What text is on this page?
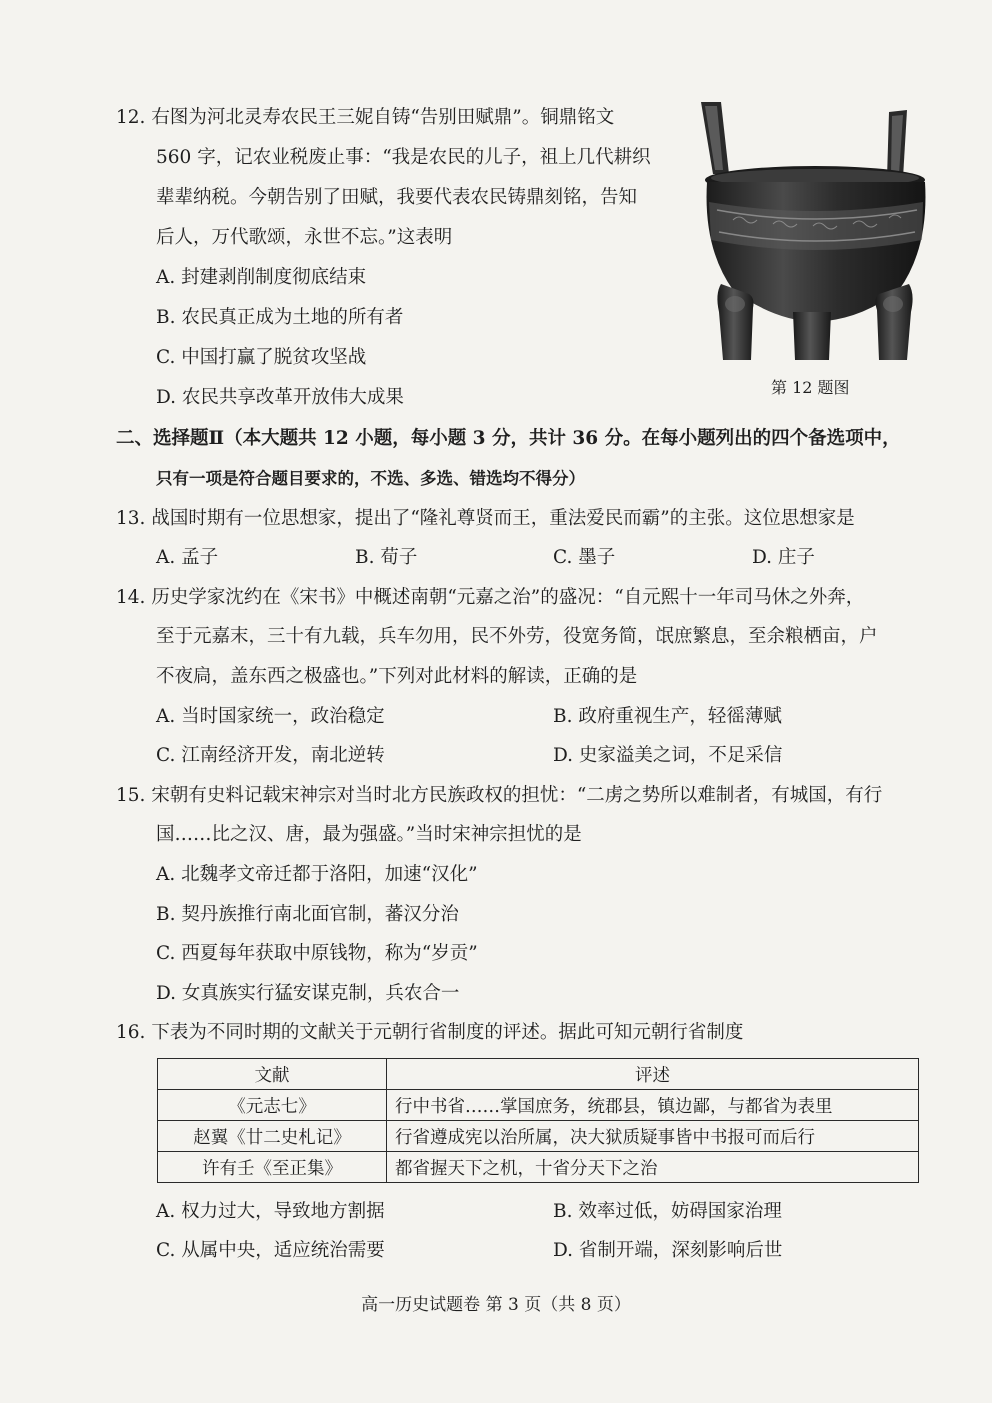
12. 右图为河北灵寿农民王三妮自铸“告别田赋鼎”。铜鼎铭文
560 字，记农业税废止事：“我是农民的儿子，祖上几代耕织
辈辈纳税。今朝告别了田赋，我要代表农民铸鼎刻铭，告知
后人，万代歌颂，永世不忘。”这表明
A. 封建剥削制度彻底结束
B. 农民真正成为土地的所有者
C. 中国打赢了脱贫攻坚战
D. 农民共享改革开放伟大成果	第 12 题图
二、选择题Ⅱ（本大题共 12 小题，每小题 3 分，共计 36 分。在每小题列出的四个备选项中，
只有一项是符合题目要求的，不选、多选、错选均不得分）
13. 战国时期有一位思想家，提出了“隆礼尊贤而王，重法爱民而霸”的主张。这位思想家是
A. 孟子	B. 荀子	C. 墨子	D. 庄子
14. 历史学家沈约在《宋书》中概述南朝“元嘉之治”的盛况：“自元熙十一年司马休之外奔，
至于元嘉末，三十有九载，兵车勿用，民不外劳，役宽务简，氓庶繁息，至余粮栖亩，户
不夜扃，盖东西之极盛也。”下列对此材料的解读，正确的是
A. 当时国家统一，政治稳定	B. 政府重视生产，轻徭薄赋
C. 江南经济开发，南北逆转	D. 史家溢美之词，不足采信
15. 宋朝有史料记载宋神宗对当时北方民族政权的担忧：“二虏之势所以难制者，有城国，有行
国……比之汉、唐，最为强盛。”当时宋神宗担忧的是
A. 北魏孝文帝迁都于洛阳，加速“汉化”
B. 契丹族推行南北面官制，蕃汉分治
C. 西夏每年获取中原钱物，称为“岁贡”
D. 女真族实行猛安谋克制，兵农合一
16. 下表为不同时期的文献关于元朝行省制度的评述。据此可知元朝行省制度
文献	评述
《元志七》	行中书省……掌国庶务，统郡县，镇边鄙，与都省为表里
赵翼《廿二史札记》	行省遵成宪以治所属，决大狱质疑事皆中书报可而后行
许有壬《至正集》	都省握天下之机，十省分天下之治
A. 权力过大，导致地方割据	B. 效率过低，妨碍国家治理
C. 从属中央，适应统治需要	D. 省制开端，深刻影响后世
高一历史试题卷 第 3 页（共 8 页）
